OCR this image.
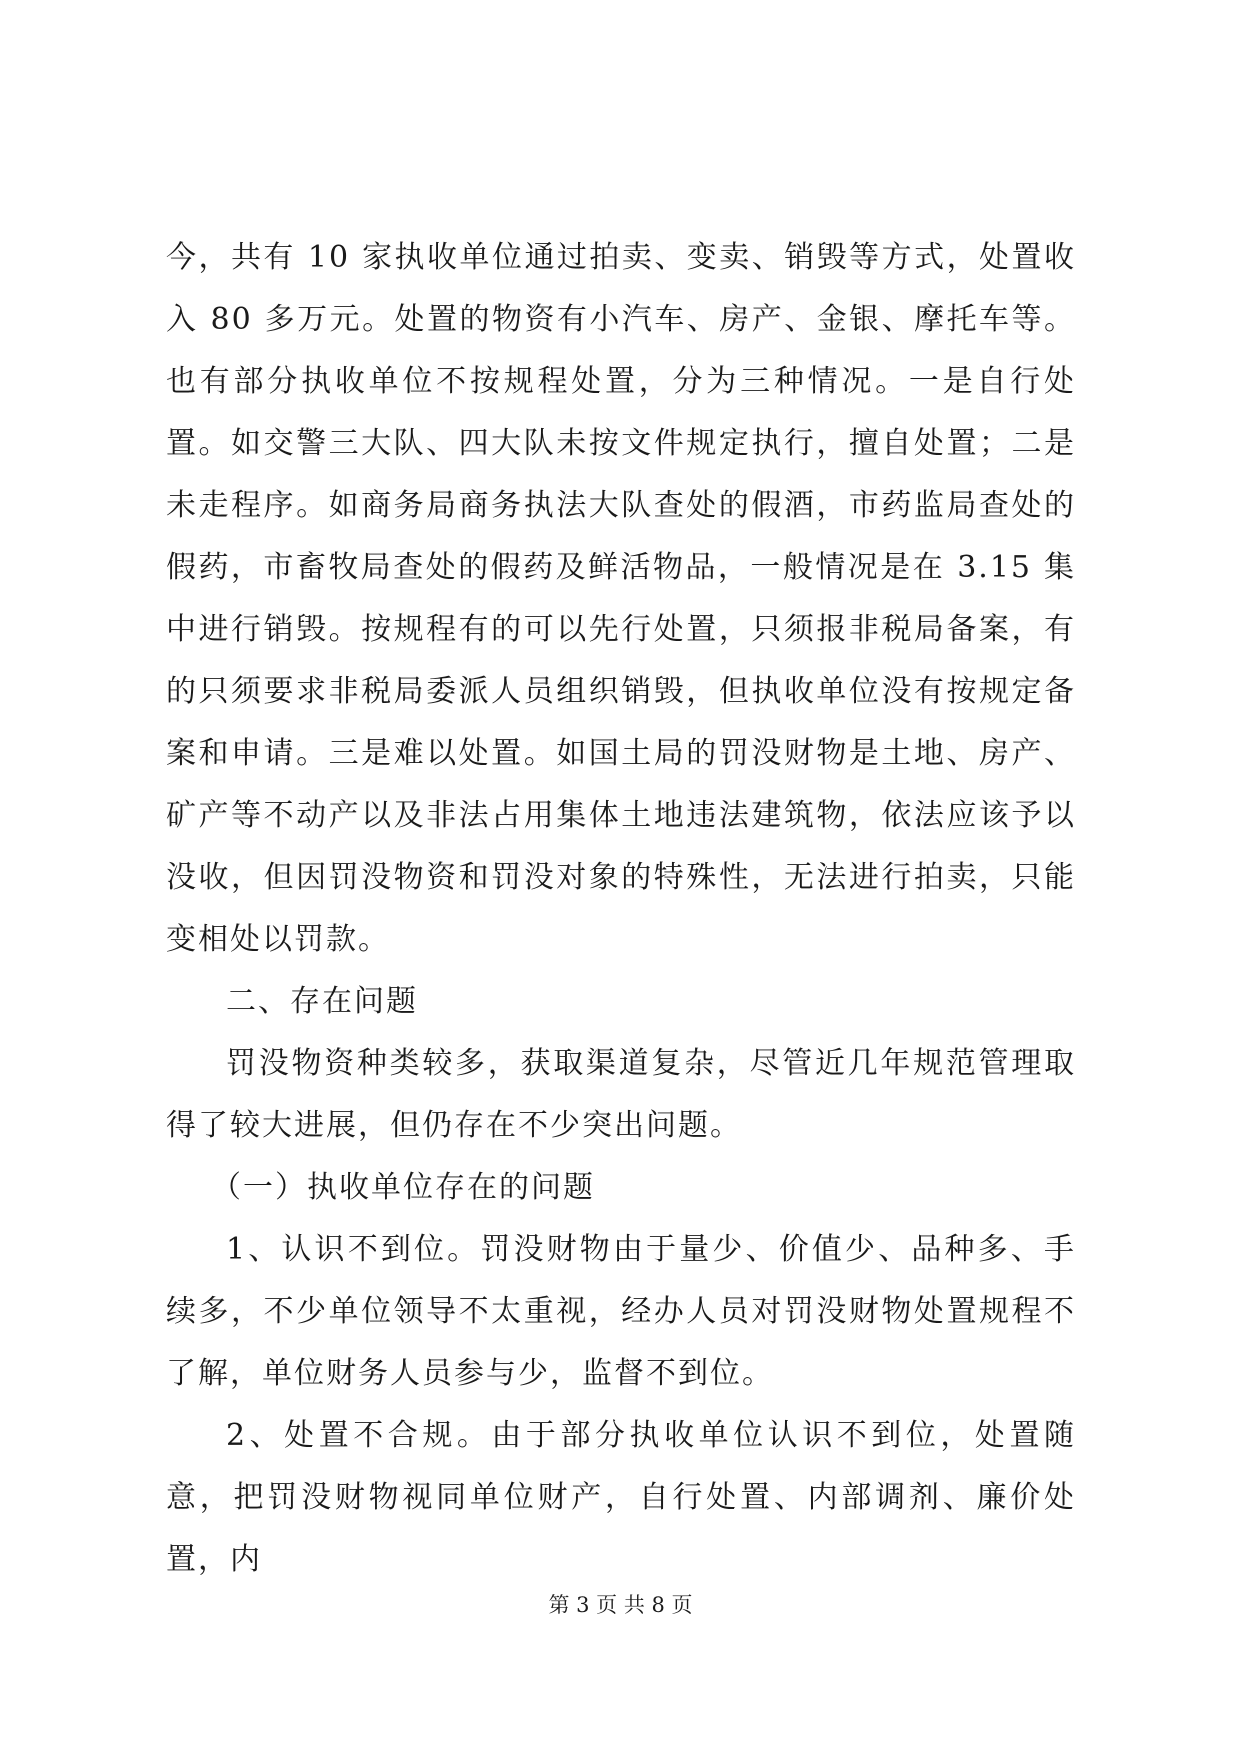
今，共有 10 家执收单位通过拍卖、变卖、销毁等方式，处置收入 80 多万元。处置的物资有小汽车、房产、金银、摩托车等。也有部分执收单位不按规程处置，分为三种情况。一是自行处置。如交警三大队、四大队未按文件规定执行，擅自处置；二是未走程序。如商务局商务执法大队查处的假酒，市药监局查处的假药，市畜牧局查处的假药及鲜活物品，一般情况是在 3.15 集中进行销毁。按规程有的可以先行处置，只须报非税局备案，有的只须要求非税局委派人员组织销毁，但执收单位没有按规定备案和申请。三是难以处置。如国土局的罚没财物是土地、房产、矿产等不动产以及非法占用集体土地违法建筑物，依法应该予以没收，但因罚没物资和罚没对象的特殊性，无法进行拍卖，只能变相处以罚款。

二、存在问题

罚没物资种类较多，获取渠道复杂，尽管近几年规范管理取得了较大进展，但仍存在不少突出问题。

（一）执收单位存在的问题

1、认识不到位。罚没财物由于量少、价值少、品种多、手续多，不少单位领导不太重视，经办人员对罚没财物处置规程不了解，单位财务人员参与少，监督不到位。

2、处置不合规。由于部分执收单位认识不到位，处置随意，把罚没财物视同单位财产，自行处置、内部调剂、廉价处置，内

第 3 页 共 8 页
